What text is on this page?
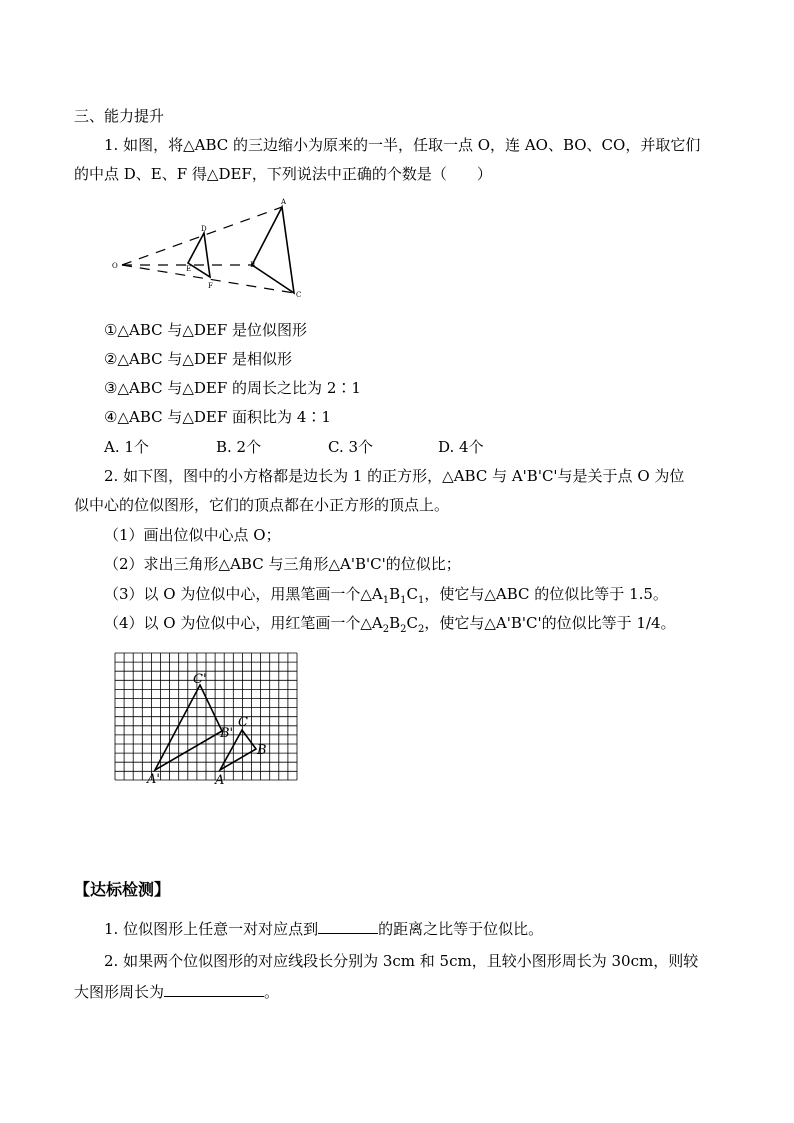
三、能力提升
1. 如图，将△ABC 的三边缩小为原来的一半，任取一点 O，连 AO、BO、CO，并取它们
的中点 D、E、F 得△DEF，下列说法中正确的个数是（　　）
O
D
E
F
A
B
C
①△ABC 与△DEF 是位似图形
②△ABC 与△DEF 是相似形
③△ABC 与△DEF 的周长之比为 2∶1
④△ABC 与△DEF 面积比为 4∶1
A. 1个	B. 2个	C. 3个	D. 4个
2. 如下图，图中的小方格都是边长为 1 的正方形，△ABC 与 A'B'C'与是关于点 O 为位
似中心的位似图形，它们的顶点都在小正方形的顶点上。
（1）画出位似中心点 O；
（2）求出三角形△ABC 与三角形△A'B'C'的位似比；
（3）以 O 为位似中心，用黑笔画一个$\triangle A_1B_1C_1$，使它与△ABC 的位似比等于 1.5。
（4）以 O 为位似中心，用红笔画一个$\triangle A_2B_2C_2$，使它与△A'B'C'的位似比等于 1/4。
A'
C'
B'
A
C
B
【达标检测】
1. 位似图形上任意一对对应点到	的距离之比等于位似比。
2. 如果两个位似图形的对应线段长分别为 3cm 和 5cm，且较小图形周长为 30cm，则较
大图形周长为	。
